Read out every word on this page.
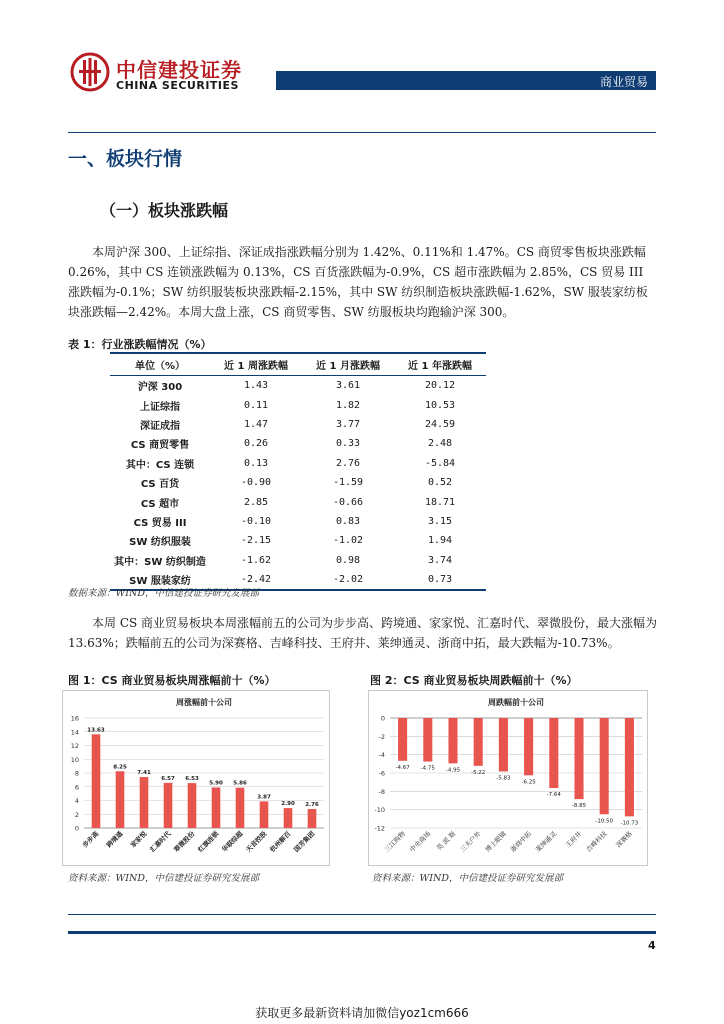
中信建投证券
CHINA SECURITIES	商业贸易
一、板块行情
（一）板块涨跌幅
本周沪深 300、上证综指、深证成指涨跌幅分别为 1.42%、0.11%和 1.47%。CS 商贸零售板块涨跌幅 0.26%，其中 CS 连锁涨跌幅为 0.13%，CS 百货涨跌幅为-0.9%，CS 超市涨跌幅为 2.85%，CS 贸易 III 涨跌幅为-0.1%；SW 纺织服装板块涨跌幅-2.15%，其中 SW 纺织制造板块涨跌幅-1.62%，SW 服装家纺板块涨跌幅—2.42%。本周大盘上涨，CS 商贸零售、SW 纺服板块均跑输沪深 300。
表 1：行业涨跌幅情况（%）
单位（%）	近 1 周涨跌幅	近 1 月涨跌幅	近 1 年涨跌幅
沪深 300	1.43	3.61	20.12
上证综指	0.11	1.82	10.53
深证成指	1.47	3.77	24.59
CS 商贸零售	0.26	0.33	2.48
其中：CS 连锁	0.13	2.76	-5.84
CS 百货	-0.90	-1.59	0.52
CS 超市	2.85	-0.66	18.71
CS 贸易 III	-0.10	0.83	3.15
SW 纺织服装	-2.15	-1.02	1.94
其中：SW 纺织制造	-1.62	0.98	3.74
SW 服装家纺	-2.42	-2.02	0.73
数据来源：WIND，中信建投证券研究发展部
本周 CS 商业贸易板块本周涨幅前五的公司为步步高、跨境通、家家悦、汇嘉时代、翠微股份，最大涨幅为 13.63%；跌幅前五的公司为深赛格、吉峰科技、王府井、莱绅通灵、浙商中拓，最大跌幅为-10.73%。
图 1：CS 商业贸易板块周涨幅前十（%）	图 2：CS 商业贸易板块周跌幅前十（%）
周涨幅前十公司
0
2
4
6
8
10
12
14
16
13.63
步步高
8.25
跨境通
7.41
家家悦
6.57
汇嘉时代
6.53
翠微股份
5.90
红旗连锁
5.86
华联综超
3.87
天音控股
2.90
杭州解百
2.76
国芳集团
周跌幅前十公司
0
-2
-4
-6
-8
-10
-12
-4.67
三江购物
-4.75
中央商场
-4.95
英 派 斯
-5.22
三夫户外
-5.83
博士眼镜
-6.25
浙商中拓
-7.64
莱绅通灵
-8.85
王府井
-10.50
吉峰科技
-10.73
深赛格
资料来源：WIND，中信建投证券研究发展部	资料来源：WIND，中信建投证券研究发展部
4
获取更多最新资料请加微信yoz1cm666
